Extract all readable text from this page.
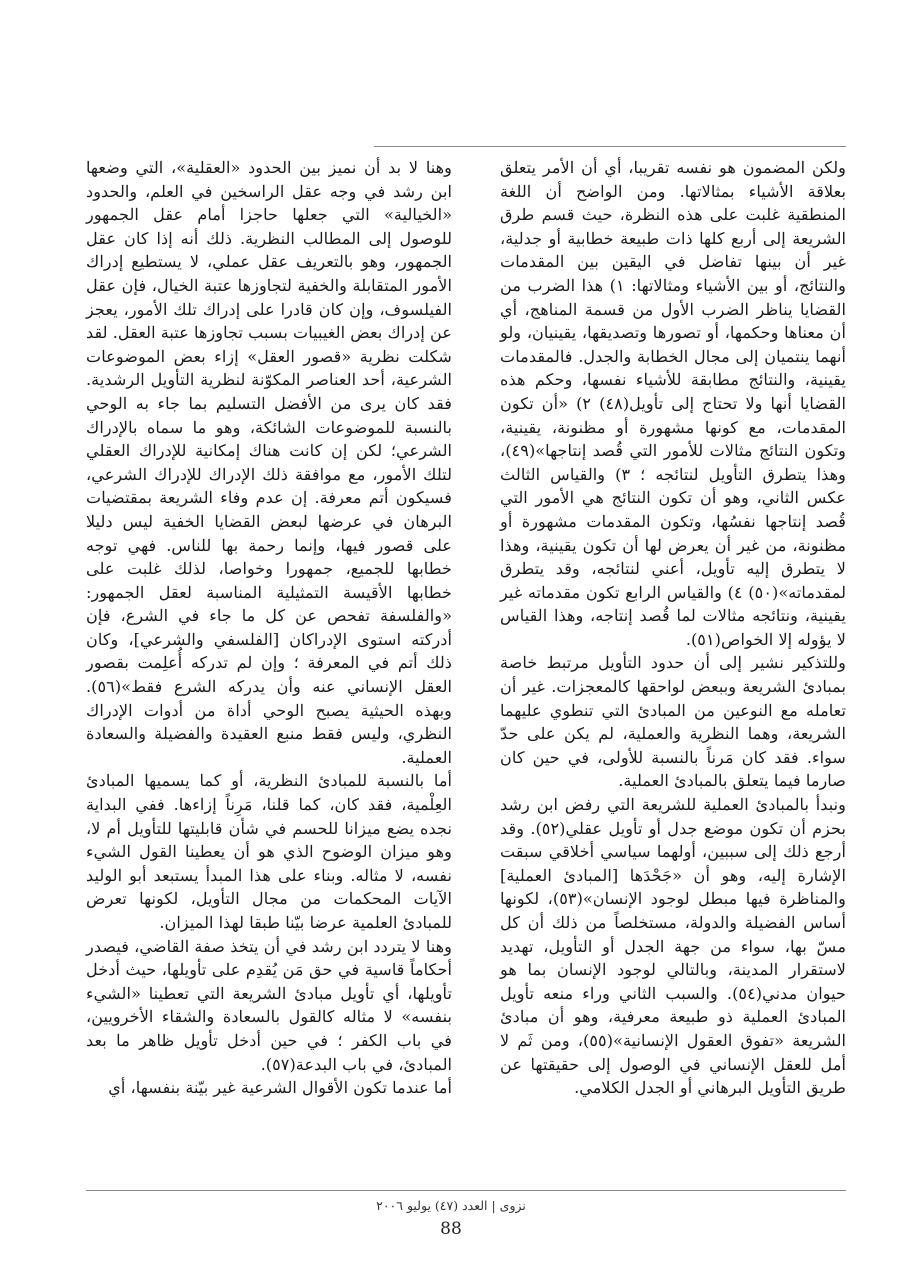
ولكن المضمون هو نفسه تقريبا، أي أن الأمر يتعلق بعلاقة الأشياء بمثالاتها. ومن الواضح أن اللغة المنطقية غلبت على هذه النظرة، حيث قسم طرق الشريعة إلى أربع كلها ذات طبيعة خطابية أو جدلية، غير أن بينها تفاضل في اليقين بين المقدمات والنتائج، أو بين الأشياء ومثالاتها: ١) هذا الضرب من القضايا يناظر الضرب الأول من قسمة المناهج، أي أن معناها وحكمها، أو تصورها وتصديقها، يقينيان، ولو أنهما ينتميان إلى مجال الخطابة والجدل. فالمقدمات يقينية، والنتائج مطابقة للأشياء نفسها، وحكم هذه القضايا أنها ولا تحتاج إلى تأويل(٤٨) ٢) «أن تكون المقدمات، مع كونها مشهورة أو مظنونة، يقينية، وتكون النتائج مثالات للأمور التي قُصد إنتاجها»(٤٩)، وهذا يتطرق التأويل لنتائجه ؛ ٣) والقياس الثالث عكس الثاني، وهو أن تكون النتائج هي الأمور التي قُصد إنتاجها نفسُها، وتكون المقدمات مشهورة أو مظنونة، من غير أن يعرض لها أن تكون يقينية، وهذا لا يتطرق إليه تأويل، أعني لنتائجه، وقد يتطرق لمقدماته»(٥٠) ٤) والقياس الرابع تكون مقدماته غير يقينية، ونتائجه مثالات لما قُصد إنتاجه، وهذا القياس لا يؤوله إلا الخواص(٥١).

وللتذكير نشير إلى أن حدود التأويل مرتبط خاصة بمبادئ الشريعة وببعض لواحقها كالمعجزات. غير أن تعامله مع النوعين من المبادئ التي تنطوي عليهما الشريعة، وهما النظرية والعملية، لم يكن على حدّ سواء. فقد كان مَرناً بالنسبة للأولى، في حين كان صارما فيما يتعلق بالمبادئ العملية.

ونبدأ بالمبادئ العملية للشريعة التي رفض ابن رشد بحزم أن تكون موضع جدل أو تأويل عقلي(٥٢). وقد أرجع ذلك إلى سببين، أولهما سياسي أخلاقي سبقت الإشارة إليه، وهو أن «جَحْدَها [المبادئ العملية] والمناظرة فيها مبطل لوجود الإنسان»(٥٣)، لكونها أساس الفضيلة والدولة، مستخلصاً من ذلك أن كل مسّ بها، سواء من جهة الجدل أو التأويل، تهديد لاستقرار المدينة، وبالتالي لوجود الإنسان بما هو حيوان مدني(٥٤). والسبب الثاني وراء منعه تأويل المبادئ العملية ذو طبيعة معرفية، وهو أن مبادئ الشريعة «تفوق العقول الإنسانية»(٥٥)، ومن ثَم لا أمل للعقل الإنساني في الوصول إلى حقيقتها عن طريق التأويل البرهاني أو الجدل الكلامي.

وهنا لا بد أن نميز بين الحدود «العقلية»، التي وضعها ابن رشد في وجه عقل الراسخين في العلم، والحدود «الخيالية» التي جعلها حاجزا أمام عقل الجمهور للوصول إلى المطالب النظرية. ذلك أنه إذا كان عقل الجمهور، وهو بالتعريف عقل عملي، لا يستطيع إدراك الأمور المتقابلة والخفية لتجاوزها عتبة الخيال، فإن عقل الفيلسوف، وإن كان قادرا على إدراك تلك الأمور، يعجز عن إدراك بعض الغيبيات بسبب تجاوزها عتبة العقل. لقد شكلت نظرية «قصور العقل» إزاء بعض الموضوعات الشرعية، أحد العناصر المكوّنة لنظرية التأويل الرشدية. فقد كان يرى من الأفضل التسليم بما جاء به الوحي بالنسبة للموضوعات الشائكة، وهو ما سماه بالإدراك الشرعي؛ لكن إن كانت هناك إمكانية للإدراك العقلي لتلك الأمور، مع موافقة ذلك الإدراك للإدراك الشرعي، فسيكون أتم معرفة. إن عدم وفاء الشريعة بمقتضيات البرهان في عرضها لبعض القضايا الخفية ليس دليلا على قصور فيها، وإنما رحمة بها للناس. فهي توجه خطابها للجميع، جمهورا وخواصا، لذلك غلبت على خطابها الأقيسة التمثيلية المناسبة لعقل الجمهور: «والفلسفة تفحص عن كل ما جاء في الشرع، فإن أدركته استوى الإدراكان [الفلسفي والشرعي]، وكان ذلك أتم في المعرفة ؛ وإن لم تدركه أُعلِمت بقصور العقل الإنساني عنه وأن يدركه الشرع فقط»(٥٦). وبهذه الحيثية يصبح الوحي أداة من أدوات الإدراك النظري، وليس فقط منبع العقيدة والفضيلة والسعادة العملية.

أما بالنسبة للمبادئ النظرية، أو كما يسميها المبادئ العِلْمية، فقد كان، كما قلنا، مَرِناً إزاءها. ففي البداية نجده يضع ميزانا للحسم في شأن قابليتها للتأويل أم لا، وهو ميزان الوضوح الذي هو أن يعطينا القول الشيء نفسه، لا مثاله. وبناء على هذا المبدأ يستبعد أبو الوليد الآيات المحكمات من مجال التأويل، لكونها تعرض للمبادئ العلمية عرضا بيّنا طبقا لهذا الميزان.

وهنا لا يتردد ابن رشد في أن يتخذ صفة القاضي، فيصدر أحكاماً قاسية في حق مَن يُقدِم على تأويلها، حيث أدخل تأويلها، أي تأويل مبادئ الشريعة التي تعطينا «الشيء بنفسه» لا مثاله كالقول بالسعادة والشقاء الأخرويين، في باب الكفر ؛ في حين أدخل تأويل ظاهر ما بعد المبادئ، في باب البدعة(٥٧).

أما عندما تكون الأقوال الشرعية غير بيّنة بنفسها، أي

نزوى | العدد (٤٧) يوليو ٢٠٠٦
88
